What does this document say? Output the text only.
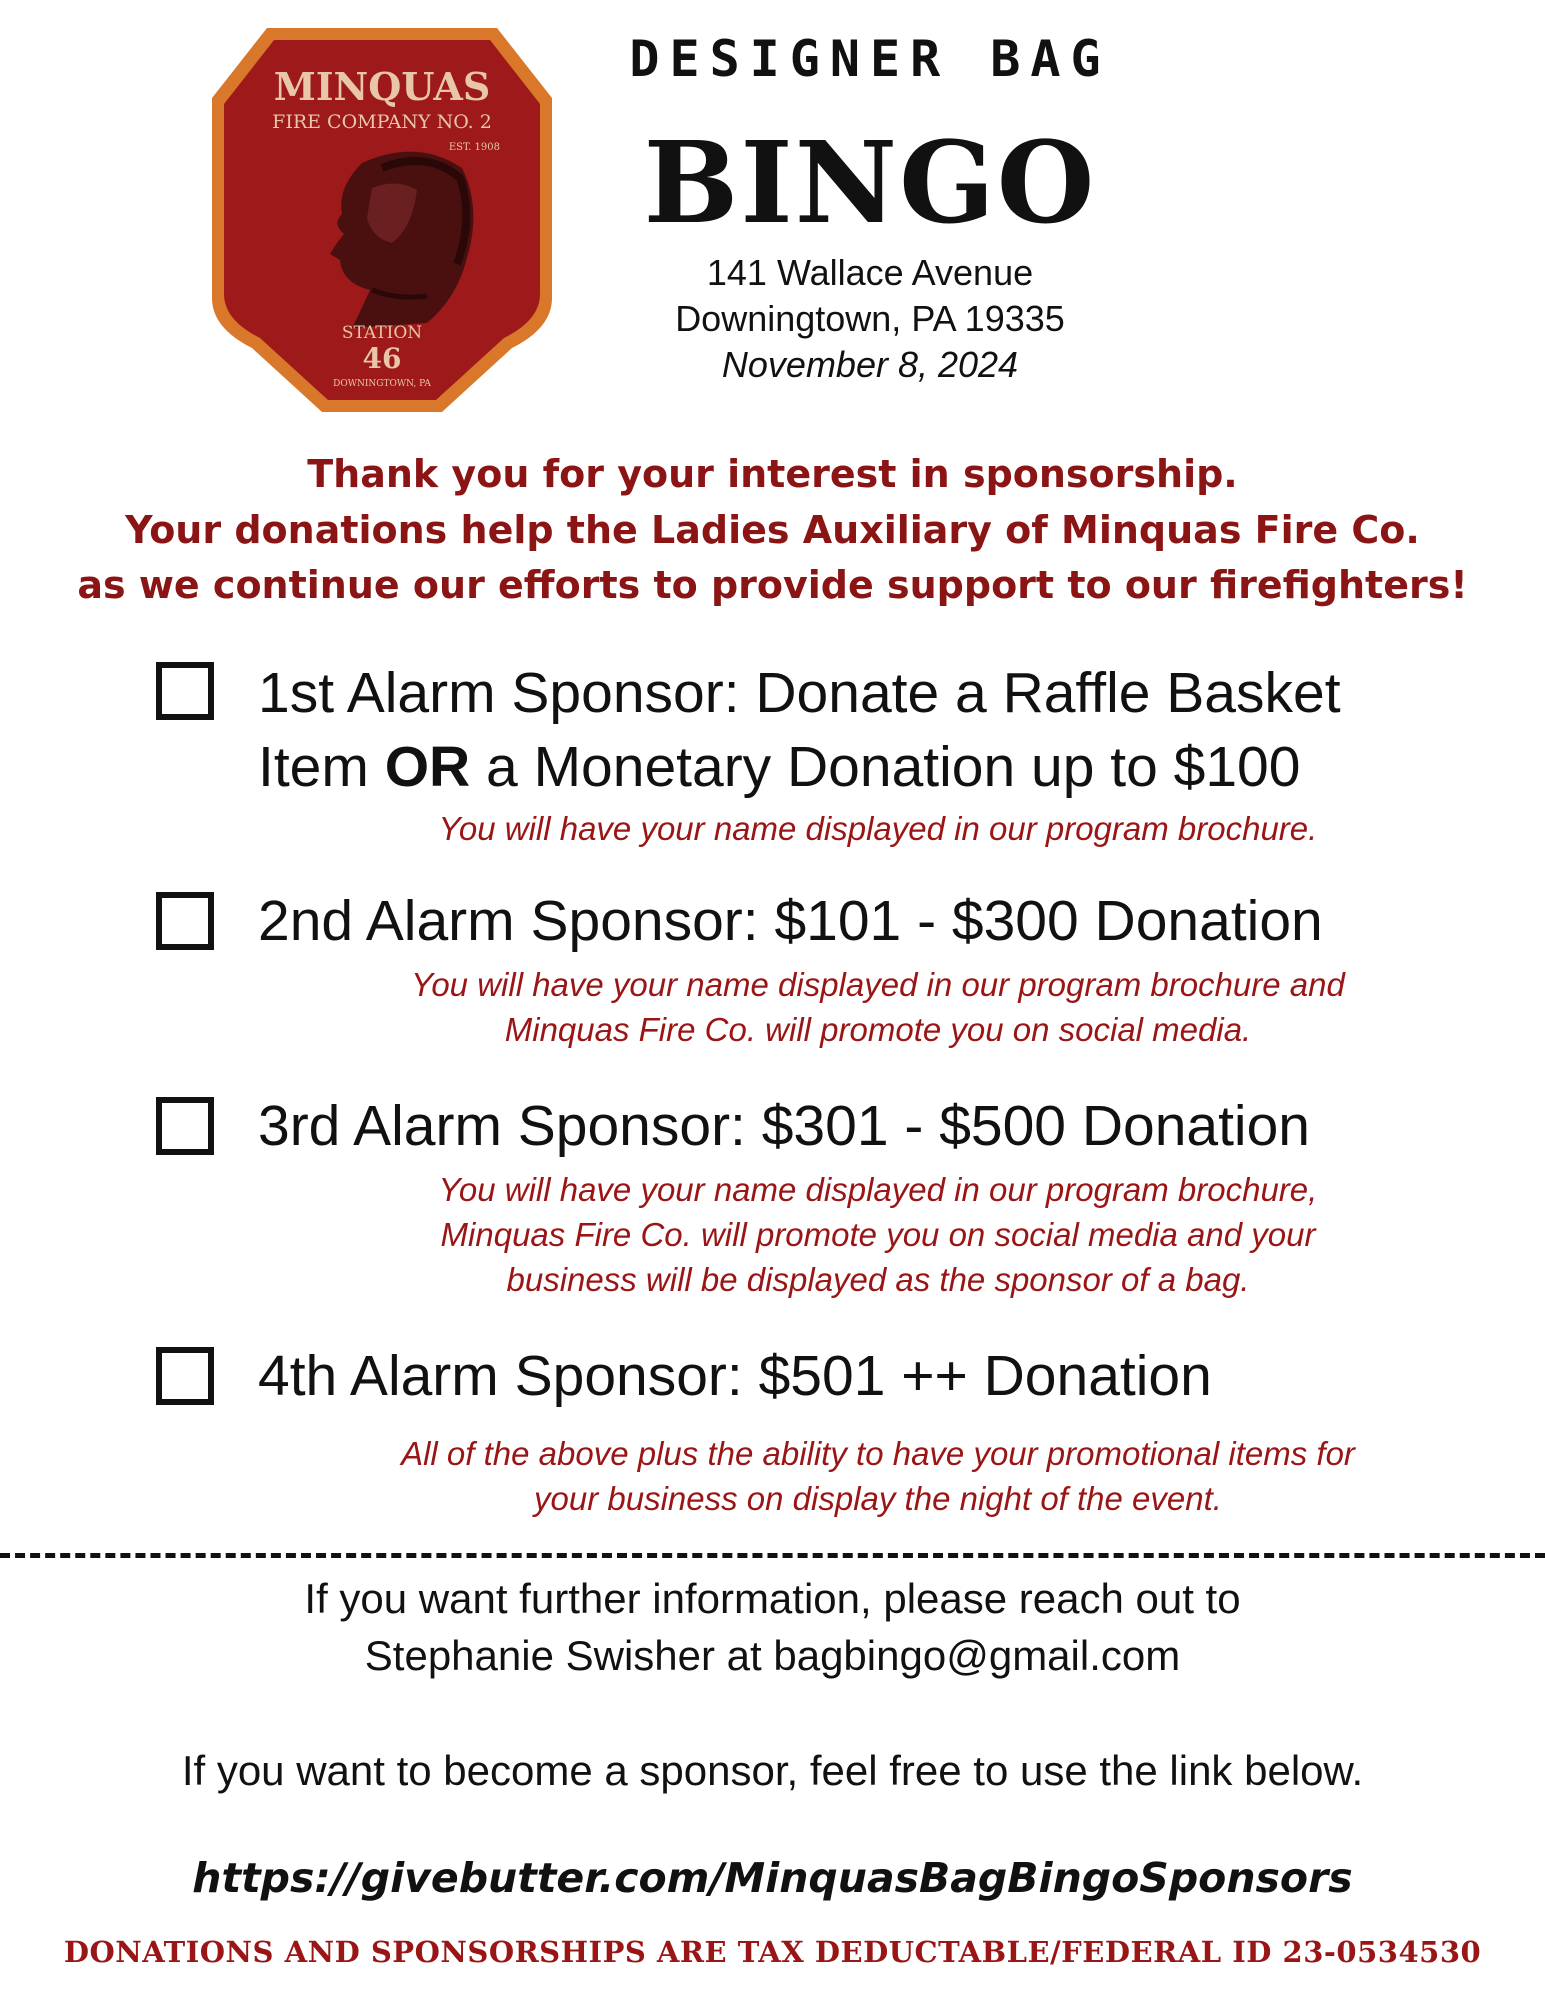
MINQUAS
FIRE COMPANY NO. 2
EST. 1908
STATION
46
DOWNINGTOWN, PA
DESIGNER BAG
BINGO
141 Wallace Avenue
Downingtown, PA 19335
November 8, 2024
Thank you for your interest in sponsorship.
Your donations help the Ladies Auxiliary of Minquas Fire Co.
as we continue our efforts to provide support to our firefighters!
1st Alarm Sponsor: Donate a Raffle Basket
Item OR a Monetary Donation up to $100
You will have your name displayed in our program brochure.
2nd Alarm Sponsor: $101 - $300 Donation
You will have your name displayed in our program brochure and
Minquas Fire Co. will promote you on social media.
3rd Alarm Sponsor: $301 - $500 Donation
You will have your name displayed in our program brochure,
Minquas Fire Co. will promote you on social media and your
business will be displayed as the sponsor of a bag.
4th Alarm Sponsor: $501 ++ Donation
All of the above plus the ability to have your promotional items for
your business on display the night of the event.
If you want further information, please reach out to
Stephanie Swisher at bagbingo@gmail.com
If you want to become a sponsor, feel free to use the link below.
https://givebutter.com/MinquasBagBingoSponsors
DONATIONS AND SPONSORSHIPS ARE TAX DEDUCTABLE/FEDERAL ID 23-0534530
